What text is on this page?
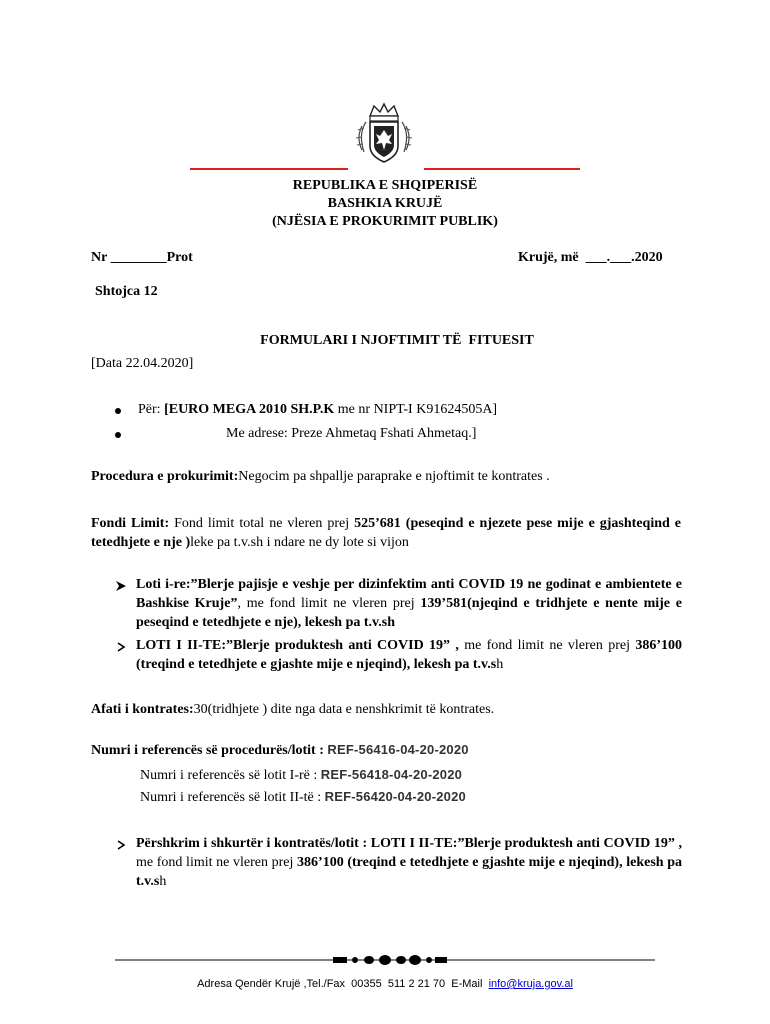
REPUBLIKA E SHQIPERISË
BASHKIA KRUJË
(NJËSIA E PROKURIMIT PUBLIK)
Nr ________Prot	Krujë, më  ___.___.2020
Shtojca 12
FORMULARI I NJOFTIMIT TË  FITUESIT
[Data 22.04.2020]
Për: [EURO MEGA 2010 SH.P.K me nr NIPT-I K91624505A]
Me adrese: Preze Ahmetaq Fshati Ahmetaq.]
Procedura e prokurimit:Negocim pa shpallje paraprake e njoftimit te kontrates .
Fondi Limit: Fond limit total ne vleren prej 525’681 (peseqind e njezete pese mije e gjashteqind e tetedhjete e nje )leke pa t.v.sh i ndare ne dy lote si vijon
Loti i-re:”Blerje pajisje e veshje per dizinfektim anti COVID 19 ne godinat e ambientete e Bashkise Kruje”, me fond limit ne vleren prej 139’581(njeqind e tridhjete e nente mije e peseqind e tetedhjete e nje), lekesh pa t.v.sh
LOTI I II-TE:”Blerje produktesh anti COVID 19” , me fond limit ne vleren prej 386’100 (treqind e tetedhjete e gjashte mije e njeqind), lekesh pa t.v.sh
Afati i kontrates:30(tridhjete ) dite nga data e nenshkrimit të kontrates.
Numri i referencës së procedurës/lotit : REF-56416-04-20-2020
Numri i referencës së lotit I-rë : REF-56418-04-20-2020
Numri i referencës së lotit II-të : REF-56420-04-20-2020
Përshkrim i shkurtër i kontratës/lotit : LOTI I II-TE:”Blerje produktesh anti COVID 19” , me fond limit ne vleren prej 386’100 (treqind e tetedhjete e gjashte mije e njeqind), lekesh pa t.v.sh
Adresa Qendër Krujë ,Tel./Fax  00355  511 2 21 70  E-Mail  info@kruja.gov.al
